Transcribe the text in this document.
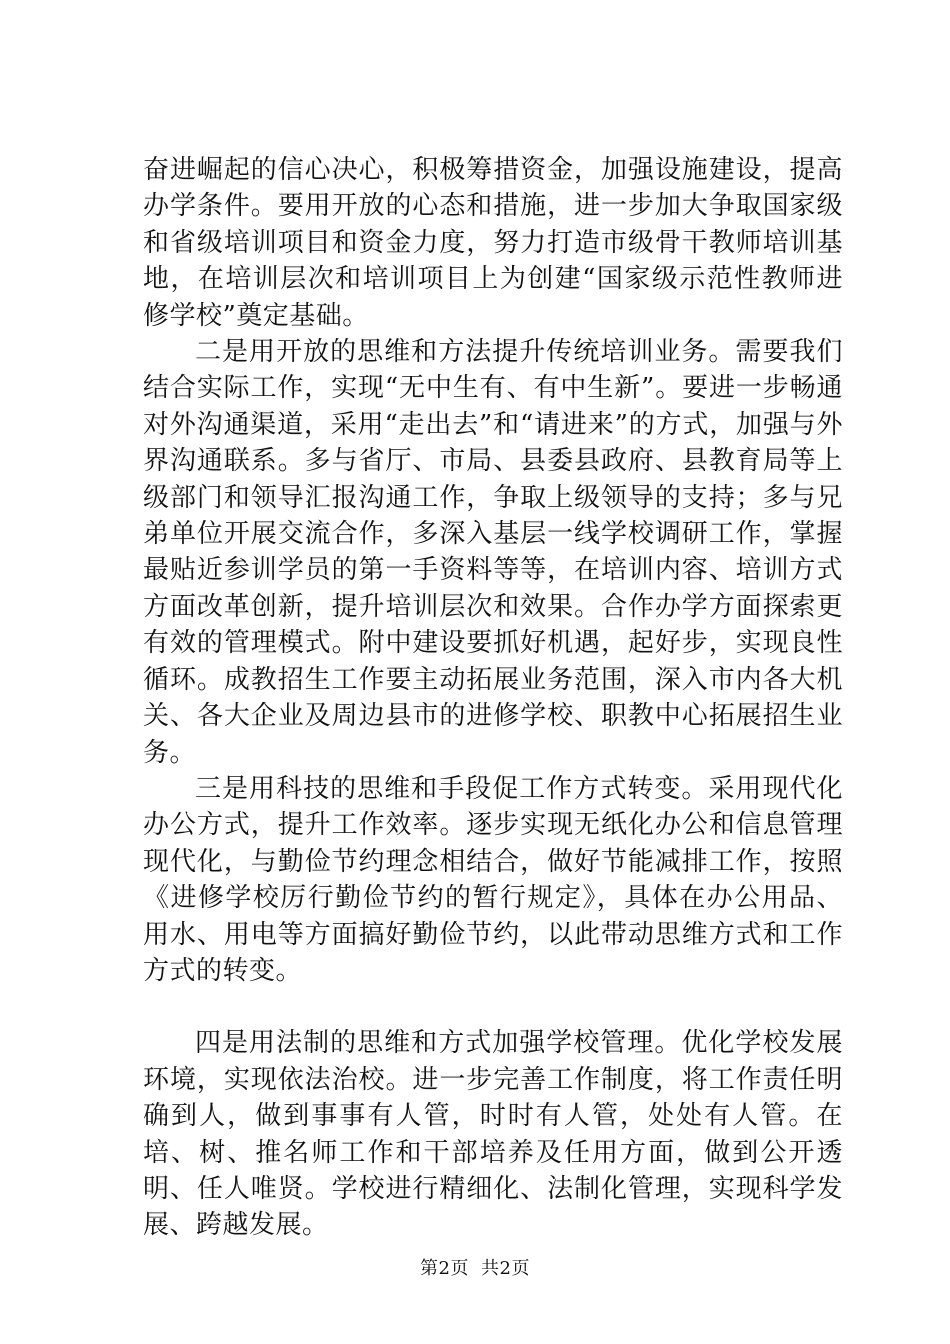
奋进崛起的信心决心，积极筹措资金，加强设施建设，提高办学条件。要用开放的心态和措施，进一步加大争取国家级和省级培训项目和资金力度，努力打造市级骨干教师培训基地，在培训层次和培训项目上为创建“国家级示范性教师进修学校”奠定基础。

二是用开放的思维和方法提升传统培训业务。需要我们结合实际工作，实现“无中生有、有中生新”。要进一步畅通对外沟通渠道，采用“走出去”和“请进来”的方式，加强与外界沟通联系。多与省厅、市局、县委县政府、县教育局等上级部门和领导汇报沟通工作，争取上级领导的支持；多与兄弟单位开展交流合作，多深入基层一线学校调研工作，掌握最贴近参训学员的第一手资料等等，在培训内容、培训方式方面改革创新，提升培训层次和效果。合作办学方面探索更有效的管理模式。附中建设要抓好机遇，起好步，实现良性循环。成教招生工作要主动拓展业务范围，深入市内各大机关、各大企业及周边县市的进修学校、职教中心拓展招生业务。

三是用科技的思维和手段促工作方式转变。采用现代化办公方式，提升工作效率。逐步实现无纸化办公和信息管理现代化，与勤俭节约理念相结合，做好节能减排工作，按照《进修学校厉行勤俭节约的暂行规定》，具体在办公用品、用水、用电等方面搞好勤俭节约，以此带动思维方式和工作方式的转变。

四是用法制的思维和方式加强学校管理。优化学校发展环境，实现依法治校。进一步完善工作制度，将工作责任明确到人，做到事事有人管，时时有人管，处处有人管。在培、树、推名师工作和干部培养及任用方面，做到公开透明、任人唯贤。学校进行精细化、法制化管理，实现科学发展、跨越发展。

第2页 共2页
